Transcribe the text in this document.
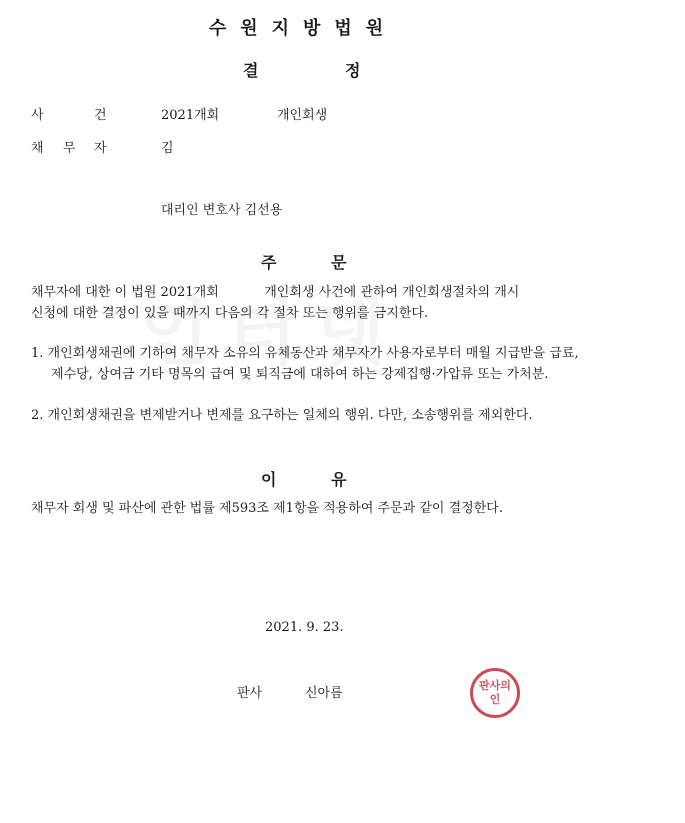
수원지방법원
결	정
사	건	2021개회	개인회생
채 무 자	김
대리인 변호사 김선용
주	문
채무자에 대한 이 법원 2021개회           개인회생 사건에 관하여 개인회생절차의 개시
신청에 대한 결정이 있을 때까지 다음의 각 절차 또는 행위를 금지한다.
1. 개인회생채권에 기하여 채무자 소유의 유체동산과 채무자가 사용자로부터 매월 지급받을 급료, 제수당, 상여금 기타 명목의 급여 및 퇴직금에 대하여 하는 강제집행·가압류 또는 가처분.
2. 개인회생채권을 변제받거나 변제를 요구하는 일체의 행위. 다만, 소송행위를 제외한다.
이	유
채무자 회생 및 파산에 관한 법률 제593조 제1항을 적용하여 주문과 같이 결정한다.
2021. 9. 23.
판사	신아름
판사의인
